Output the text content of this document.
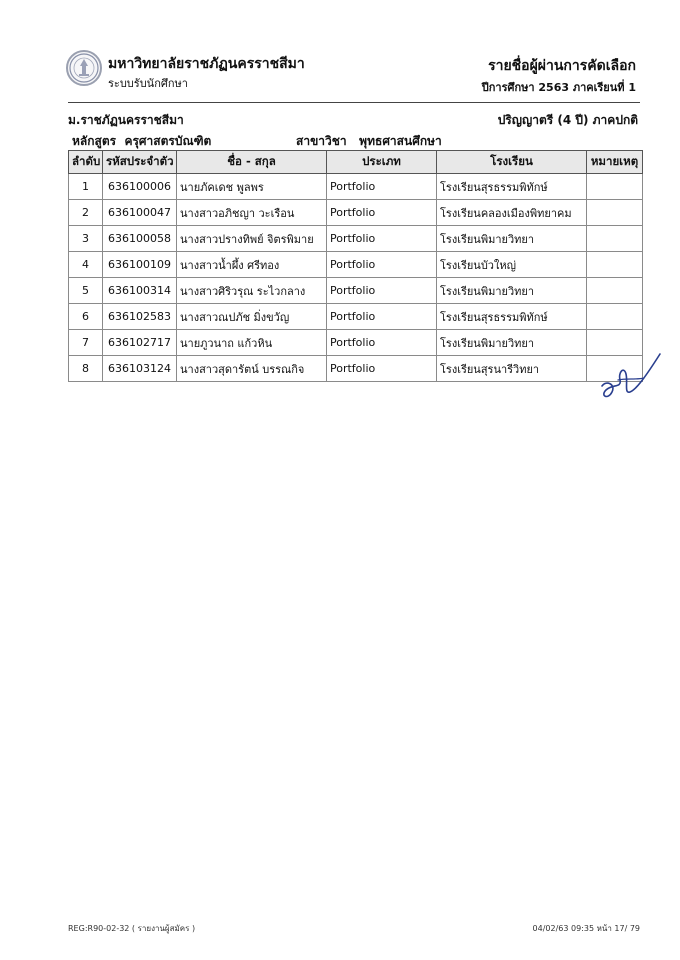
มหาวิทยาลัยราชภัฏนครราชสีมา
ระบบรับนักศึกษา
รายชื่อผู้ผ่านการคัดเลือก
ปีการศึกษา 2563 ภาคเรียนที่ 1
ม.ราชภัฏนครราชสีมา	ปริญญาตรี (4 ปี) ภาคปกติ
หลักสูตร ครุศาสตรบัณฑิต	สาขาวิชา พุทธศาสนศึกษา
ลำดับ	รหัสประจำตัว	ชื่อ - สกุล	ประเภท	โรงเรียน	หมายเหตุ
1	636100006	นายภัคเดช พูลพร	Portfolio	โรงเรียนสุรธรรมพิทักษ์	
2	636100047	นางสาวอภิชญา วะเรือน	Portfolio	โรงเรียนคลองเมืองพิทยาคม	
3	636100058	นางสาวปรางทิพย์ จิตรพิมาย	Portfolio	โรงเรียนพิมายวิทยา	
4	636100109	นางสาวน้ำผึ้ง ศรีทอง	Portfolio	โรงเรียนบัวใหญ่	
5	636100314	นางสาวศิริวรุณ ระไวกลาง	Portfolio	โรงเรียนพิมายวิทยา	
6	636102583	นางสาวณปภัช มิ่งขวัญ	Portfolio	โรงเรียนสุรธรรมพิทักษ์	
7	636102717	นายภูวนาถ แก้วหิน	Portfolio	โรงเรียนพิมายวิทยา	
8	636103124	นางสาวสุดารัตน์ บรรณกิจ	Portfolio	โรงเรียนสุรนารีวิทยา	
REG:R90-02-32 ( รายงานผู้สมัคร )	04/02/63 09:35 หน้า 17/ 79
